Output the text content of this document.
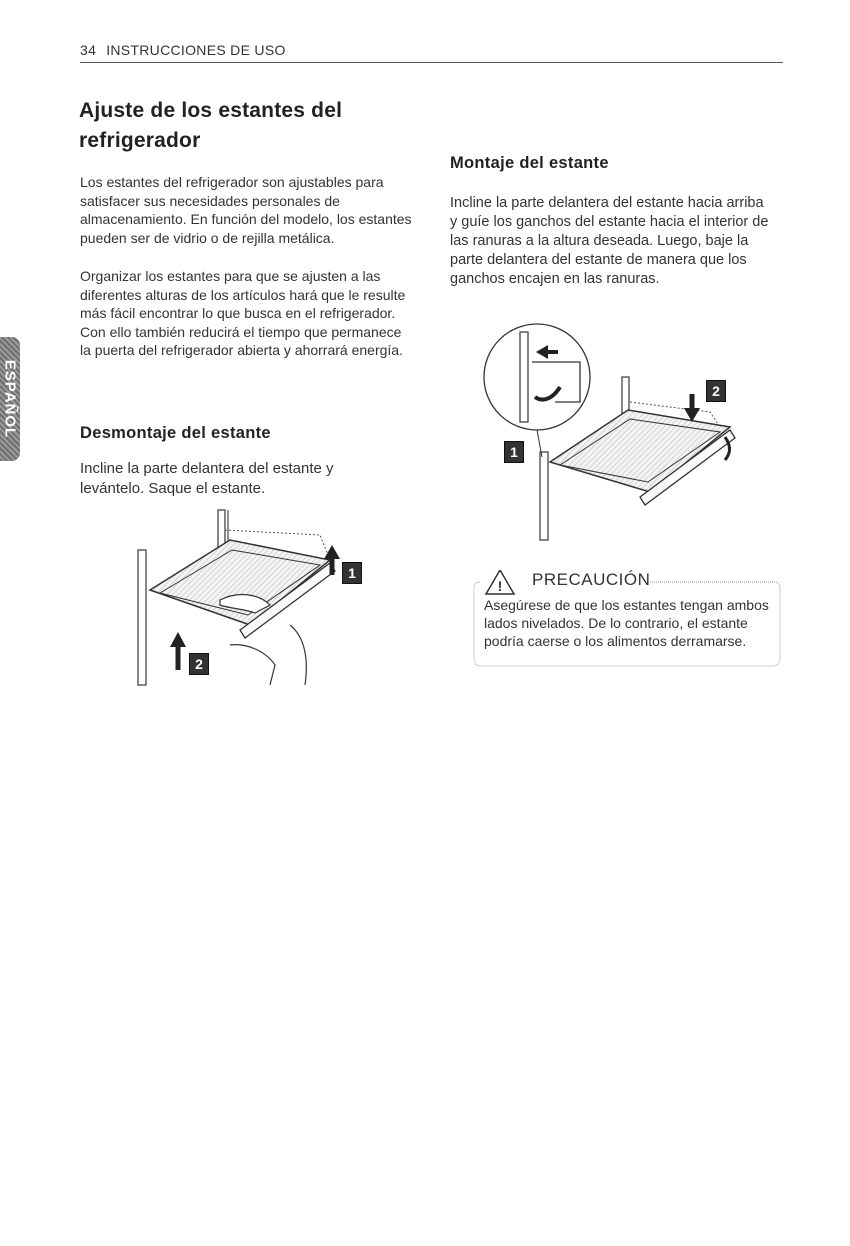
34 INSTRUCCIONES DE USO
ESPAÑOL
Ajuste de los estantes del refrigerador
Los estantes del refrigerador son ajustables para satisfacer sus necesidades personales de almacenamiento. En función del modelo, los estantes pueden ser de vidrio o de rejilla metálica.
Organizar los estantes para que se ajusten a las diferentes alturas de los artículos hará que le resulte más fácil encontrar lo que busca en el refrigerador. Con ello también reducirá el tiempo que permanece la puerta del refrigerador abierta y ahorrará energía.
Desmontaje del estante
Incline la parte delantera del estante y levántelo. Saque el estante.
1
2
Montaje del estante
Incline la parte delantera del estante hacia arriba y guíe los ganchos del estante hacia el interior de las ranuras a la altura deseada. Luego, baje la parte delantera del estante de manera que los ganchos encajen en las ranuras.
2
1
! PRECAUCIÓN
Asegúrese de que los estantes tengan ambos lados nivelados. De lo contrario, el estante podría caerse o los alimentos derramarse.
